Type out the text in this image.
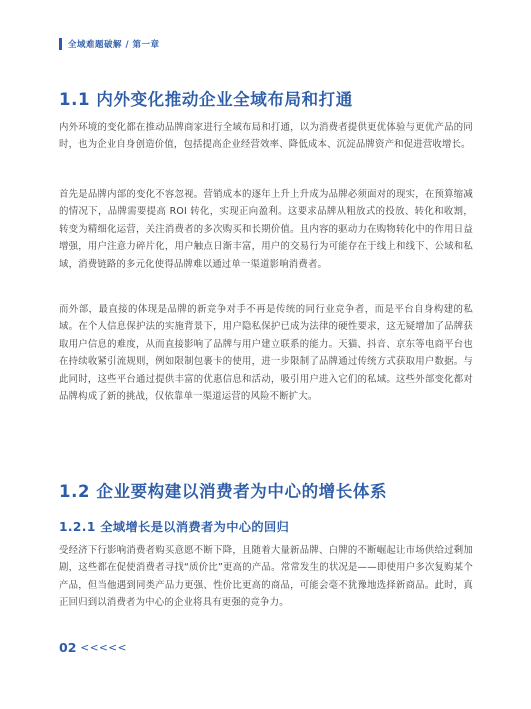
全域难题破解 / 第一章
1.1 内外变化推动企业全域布局和打通

内外环境的变化都在推动品牌商家进行全域布局和打通，以为消费者提供更优体验与更优产品的同时，也为企业自身创造价值，包括提高企业经营效率、降低成本、沉淀品牌资产和促进营收增长。

首先是品牌内部的变化不容忽视。营销成本的逐年上升上升成为品牌必须面对的现实，在预算缩减的情况下，品牌需要提高 ROI 转化，实现正向盈利。这要求品牌从粗放式的投放、转化和收割，转变为精细化运营，关注消费者的多次购买和长期价值。且内容的驱动力在购物转化中的作用日益增强，用户注意力碎片化，用户触点日渐丰富，用户的交易行为可能存在于线上和线下、公域和私域，消费链路的多元化使得品牌难以通过单一渠道影响消费者。

而外部，最直接的体现是品牌的新竞争对手不再是传统的同行业竞争者，而是平台自身构建的私域。在个人信息保护法的实施背景下，用户隐私保护已成为法律的硬性要求，这无疑增加了品牌获取用户信息的难度，从而直接影响了品牌与用户建立联系的能力。天猫、抖音、京东等电商平台也在持续收紧引流规则，例如限制包裹卡的使用，进一步限制了品牌通过传统方式获取用户数据。与此同时，这些平台通过提供丰富的优惠信息和活动，吸引用户进入它们的私域。这些外部变化都对品牌构成了新的挑战，仅依靠单一渠道运营的风险不断扩大。

1.2 企业要构建以消费者为中心的增长体系
1.2.1 全域增长是以消费者为中心的回归

受经济下行影响消费者购买意愿不断下降，且随着大量新品牌、白牌的不断崛起让市场供给过剩加剧，这些都在促使消费者寻找“质价比”更高的产品。常常发生的状况是——即使用户多次复购某个产品，但当他遇到同类产品力更强、性价比更高的商品，可能会毫不犹豫地选择新商品。此时，真正回归到以消费者为中心的企业将具有更强的竞争力。

02 <<<<<
